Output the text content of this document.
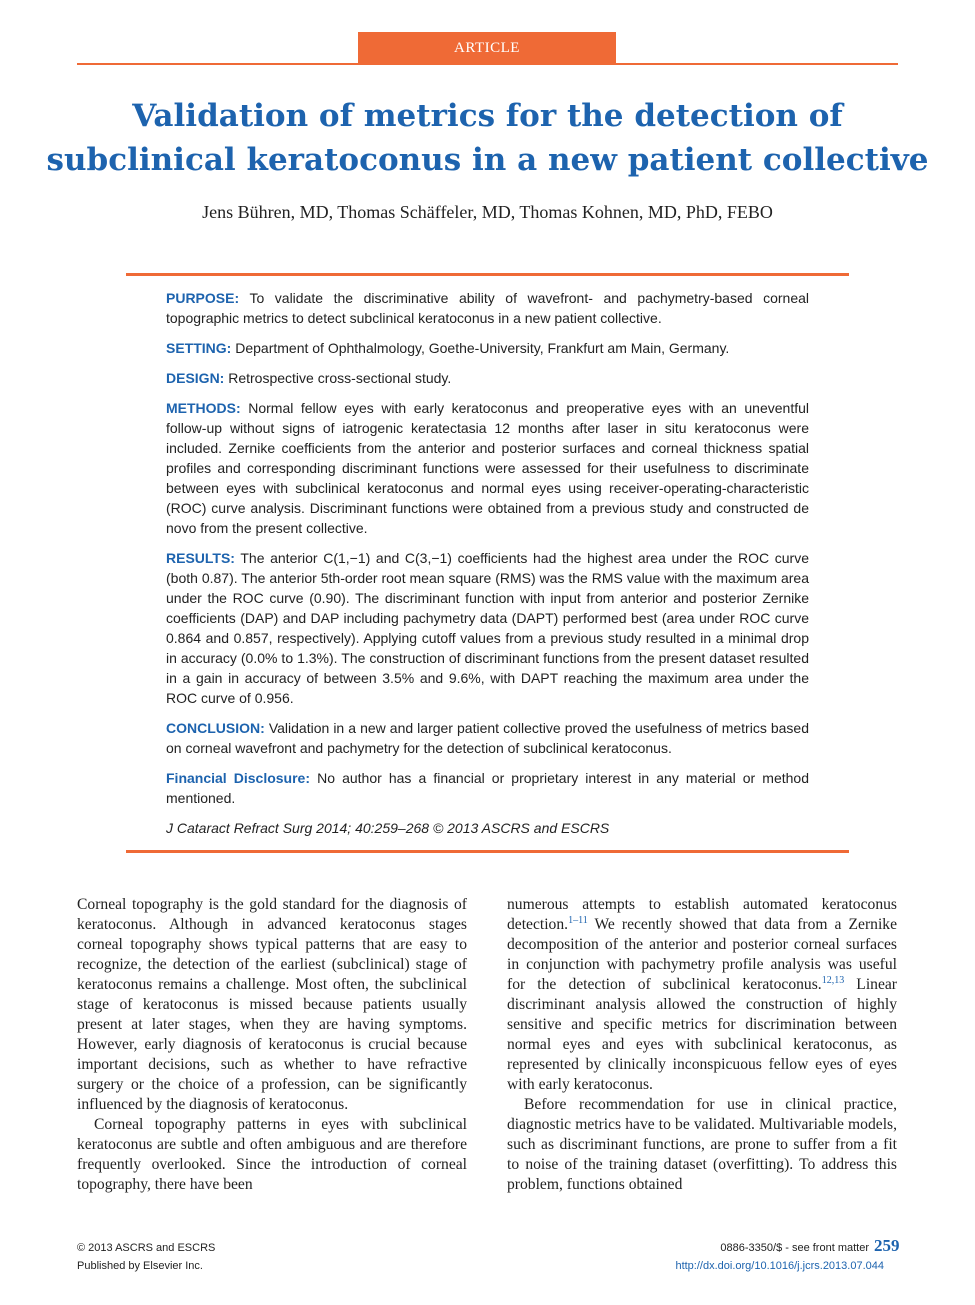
ARTICLE
Validation of metrics for the detection of subclinical keratoconus in a new patient collective
Jens Bühren, MD, Thomas Schäffeler, MD, Thomas Kohnen, MD, PhD, FEBO

PURPOSE: To validate the discriminative ability of wavefront- and pachymetry-based corneal topographic metrics to detect subclinical keratoconus in a new patient collective.

SETTING: Department of Ophthalmology, Goethe-University, Frankfurt am Main, Germany.

DESIGN: Retrospective cross-sectional study.

METHODS: Normal fellow eyes with early keratoconus and preoperative eyes with an uneventful follow-up without signs of iatrogenic keratectasia 12 months after laser in situ keratoconus were included. Zernike coefficients from the anterior and posterior surfaces and corneal thickness spatial profiles and corresponding discriminant functions were assessed for their usefulness to discriminate between eyes with subclinical keratoconus and normal eyes using receiver-operating-characteristic (ROC) curve analysis. Discriminant functions were obtained from a previous study and constructed de novo from the present collective.

RESULTS: The anterior C(1,−1) and C(3,−1) coefficients had the highest area under the ROC curve (both 0.87). The anterior 5th-order root mean square (RMS) was the RMS value with the maximum area under the ROC curve (0.90). The discriminant function with input from anterior and posterior Zernike coefficients (DAP) and DAP including pachymetry data (DAPT) performed best (area under ROC curve 0.864 and 0.857, respectively). Applying cutoff values from a previous study resulted in a minimal drop in accuracy (0.0% to 1.3%). The construction of discriminant functions from the present dataset resulted in a gain in accuracy of between 3.5% and 9.6%, with DAPT reaching the maximum area under the ROC curve of 0.956.

CONCLUSION: Validation in a new and larger patient collective proved the usefulness of metrics based on corneal wavefront and pachymetry for the detection of subclinical keratoconus.

Financial Disclosure: No author has a financial or proprietary interest in any material or method mentioned.

J Cataract Refract Surg 2014; 40:259–268 © 2013 ASCRS and ESCRS

Corneal topography is the gold standard for the diagnosis of keratoconus. Although in advanced keratoconus stages corneal topography shows typical patterns that are easy to recognize, the detection of the earliest (subclinical) stage of keratoconus remains a challenge. Most often, the subclinical stage of keratoconus is missed because patients usually present at later stages, when they are having symptoms. However, early diagnosis of keratoconus is crucial because important decisions, such as whether to have refractive surgery or the choice of a profession, can be significantly influenced by the diagnosis of keratoconus.

Corneal topography patterns in eyes with subclinical keratoconus are subtle and often ambiguous and are therefore frequently overlooked. Since the introduction of corneal topography, there have been

numerous attempts to establish automated keratoconus detection.$^{1-11}$ We recently showed that data from a Zernike decomposition of the anterior and posterior corneal surfaces in conjunction with pachymetry profile analysis was useful for the detection of subclinical keratoconus.$^{12,13}$ Linear discriminant analysis allowed the construction of highly sensitive and specific metrics for discrimination between normal eyes and eyes with subclinical keratoconus, as represented by clinically inconspicuous fellow eyes of eyes with early keratoconus.

Before recommendation for use in clinical practice, diagnostic metrics have to be validated. Multivariable models, such as discriminant functions, are prone to suffer from a fit to noise of the training dataset (overfitting). To address this problem, functions obtained

© 2013 ASCRS and ESCRS
Published by Elsevier Inc.
0886-3350/$ - see front matter
http://dx.doi.org/10.1016/j.jcrs.2013.07.044
259
